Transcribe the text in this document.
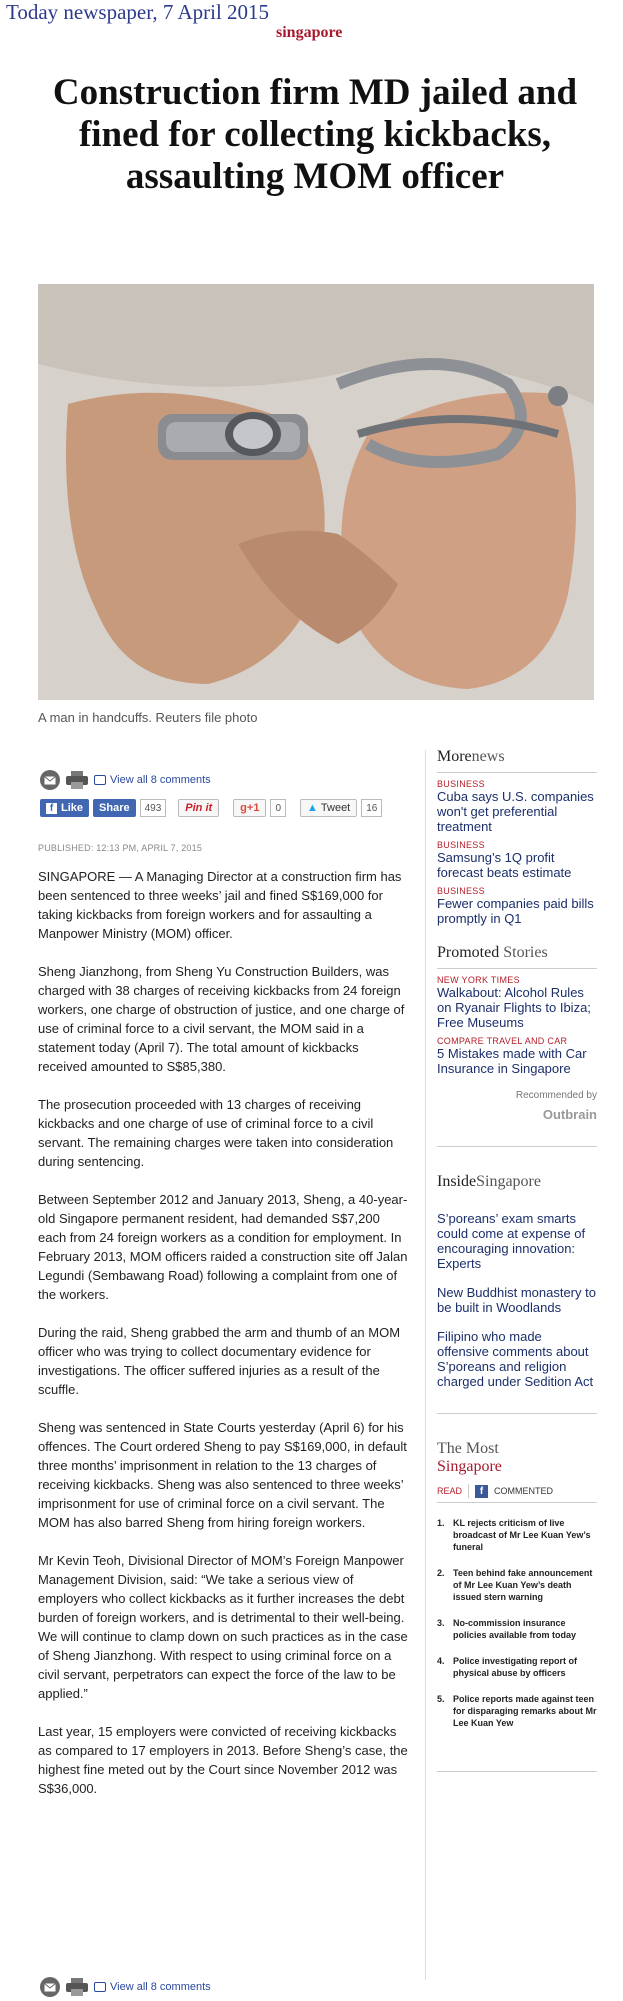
Today newspaper, 7 April 2015
singapore
Construction firm MD jailed and fined for collecting kickbacks, assaulting MOM officer
A man in handcuffs. Reuters file photo
View all 8 comments
f Like	Share	493	Pin it	g+1	0	▲ Tweet	16
PUBLISHED: 12:13 PM, APRIL 7, 2015

SINGAPORE — A Managing Director at a construction firm has been sentenced to three weeks’ jail and fined S$169,000 for taking kickbacks from foreign workers and for assaulting a Manpower Ministry (MOM) officer.

Sheng Jianzhong, from Sheng Yu Construction Builders, was charged with 38 charges of receiving kickbacks from 24 foreign workers, one charge of obstruction of justice, and one charge of use of criminal force to a civil servant, the MOM said in a statement today (April 7). The total amount of kickbacks received amounted to S$85,380.

The prosecution proceeded with 13 charges of receiving kickbacks and one charge of use of criminal force to a civil servant. The remaining charges were taken into consideration during sentencing.

Between September 2012 and January 2013, Sheng, a 40-year-old Singapore permanent resident, had demanded S$7,200 each from 24 foreign workers as a condition for employment. In February 2013, MOM officers raided a construction site off Jalan Legundi (Sembawang Road) following a complaint from one of the workers.

During the raid, Sheng grabbed the arm and thumb of an MOM officer who was trying to collect documentary evidence for investigations. The officer suffered injuries as a result of the scuffle.

Sheng was sentenced in State Courts yesterday (April 6) for his offences. The Court ordered Sheng to pay S$169,000, in default three months’ imprisonment in relation to the 13 charges of receiving kickbacks. Sheng was also sentenced to three weeks’ imprisonment for use of criminal force on a civil servant. The MOM has also barred Sheng from hiring foreign workers.

Mr Kevin Teoh, Divisional Director of MOM’s Foreign Manpower Management Division, said: “We take a serious view of employers who collect kickbacks as it further increases the debt burden of foreign workers, and is detrimental to their well-being. We will continue to clamp down on such practices as in the case of Sheng Jianzhong. With respect to using criminal force on a civil servant, perpetrators can expect the force of the law to be applied.”

Last year, 15 employers were convicted of receiving kickbacks as compared to 17 employers in 2013. Before Sheng’s case, the highest fine meted out by the Court since November 2012 was S$36,000.

View all 8 comments
Morenews
BUSINESS
Cuba says U.S. companies won't get preferential treatment
BUSINESS
Samsung’s 1Q profit forecast beats estimate
BUSINESS
Fewer companies paid bills promptly in Q1
Promoted Stories
NEW YORK TIMES
Walkabout: Alcohol Rules on Ryanair Flights to Ibiza; Free Museums
COMPARE TRAVEL AND CAR
5 Mistakes made with Car Insurance in Singapore
Recommended by
Outbrain
InsideSingapore
S’poreans’ exam smarts could come at expense of encouraging innovation: Experts
New Buddhist monastery to be built in Woodlands
Filipino who made offensive comments about S’poreans and religion charged under Sedition Act
The Most
Singapore
READ	f	COMMENTED
1. KL rejects criticism of live broadcast of Mr Lee Kuan Yew’s funeral
2. Teen behind fake announcement of Mr Lee Kuan Yew’s death issued stern warning
3. No-commission insurance policies available from today
4. Police investigating report of physical abuse by officers
5. Police reports made against teen for disparaging remarks about Mr Lee Kuan Yew
